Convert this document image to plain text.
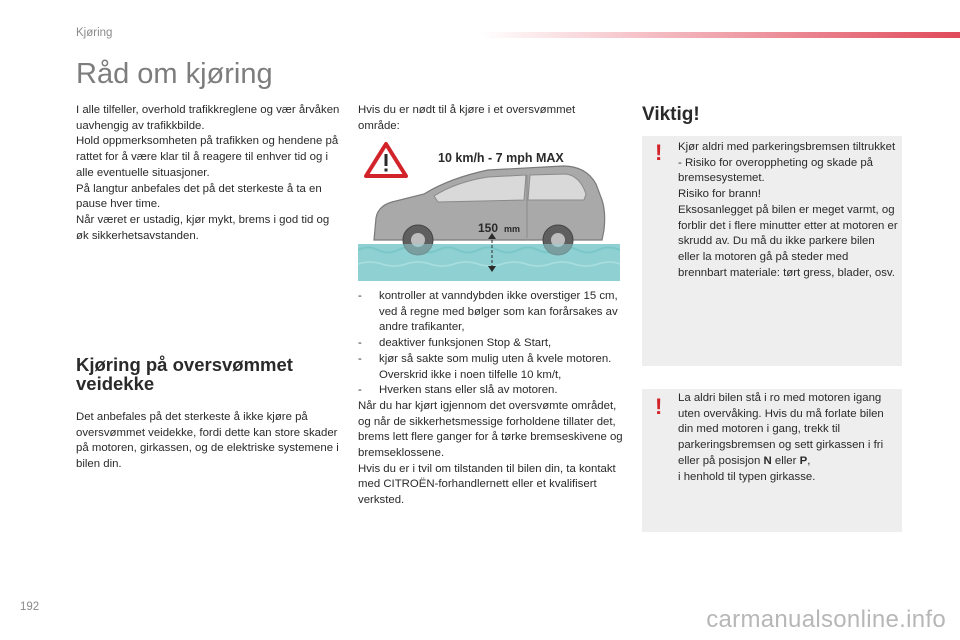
Kjøring
Råd om kjøring

I alle tilfeller, overhold trafikkreglene og vær årvåken uavhengig av trafikkbilde.
Hold oppmerksomheten på trafikken og hendene på rattet for å være klar til å reagere til enhver tid og i alle eventuelle situasjoner.
På langtur anbefales det på det sterkeste å ta en pause hver time.
Når været er ustadig, kjør mykt, brems i god tid og øk sikkerhetsavstanden.

Kjøring på oversvømmet veidekke

Det anbefales på det sterkeste å ikke kjøre på oversvømmet veidekke, fordi dette kan store skader på motoren, girkassen, og de elektriske systemene i bilen din.

Hvis du er nødt til å kjøre i et oversvømmet område:

10 km/h - 7 mph MAX
150 mm
-	kontroller at vanndybden ikke overstiger 15 cm, ved å regne med bølger som kan forårsakes av andre trafikanter,
-	deaktiver funksjonen Stop & Start,
-	kjør så sakte som mulig uten å kvele motoren. Overskrid ikke i noen tilfelle 10 km/t,
-	Hverken stans eller slå av motoren.

Når du har kjørt igjennom det oversvømte området, og når de sikkerhetsmessige forholdene tillater det, brems lett flere ganger for å tørke bremseskivene og bremseklossene.
Hvis du er i tvil om tilstanden til bilen din, ta kontakt med CITROËN-forhandlernett eller et kvalifisert verksted.

Viktig!
! Kjør aldri med parkeringsbremsen tiltrukket - Risiko for overoppheting og skade på bremsesystemet.
Risiko for brann!
Eksosanlegget på bilen er meget varmt, og forblir det i flere minutter etter at motoren er skrudd av. Du må du ikke parkere bilen eller la motoren gå på steder med brennbart materiale: tørt gress, blader, osv.

! La aldri bilen stå i ro med motoren igang uten overvåking. Hvis du må forlate bilen din med motoren i gang, trekk til parkeringsbremsen og sett girkassen i fri eller på posisjon N eller P,
i henhold til typen girkasse.

192	carmanualsonline.info
